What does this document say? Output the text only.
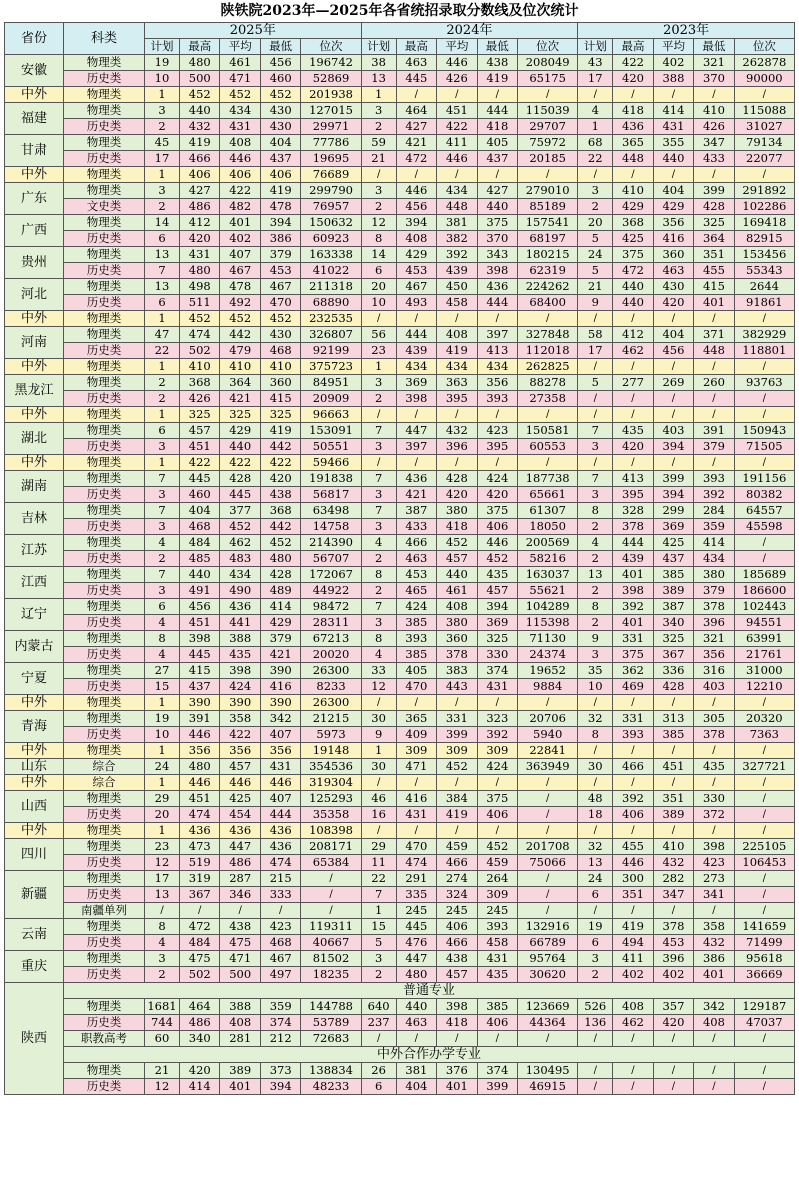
陕铁院2023年—2025年各省统招录取分数线及位次统计
省份	科类	2025年					2024年					2023年				
		计划	最高	平均	最低	位次	计划	最高	平均	最低	位次	计划	最高	平均	最低	位次
安徽	物理类	19	480	461	456	196742	38	463	446	438	208049	43	422	402	321	262878
	历史类	10	500	471	460	52869	13	445	426	419	65175	17	420	388	370	90000
中外	物理类	1	452	452	452	201938	1	/	/	/	/	/	/	/	/	/
福建	物理类	3	440	434	430	127015	3	464	451	444	115039	4	418	414	410	115088
	历史类	2	432	431	430	29971	2	427	422	418	29707	1	436	431	426	31027
甘肃	物理类	45	419	408	404	77786	59	421	411	405	75972	68	365	355	347	79134
	历史类	17	466	446	437	19695	21	472	446	437	20185	22	448	440	433	22077
中外	物理类	1	406	406	406	76689	/	/	/	/	/	/	/	/	/	/
广东	物理类	3	427	422	419	299790	3	446	434	427	279010	3	410	404	399	291892
	文史类	2	486	482	478	76957	2	456	448	440	85189	2	429	429	428	102286
广西	物理类	14	412	401	394	150632	12	394	381	375	157541	20	368	356	325	169418
	历史类	6	420	402	386	60923	8	408	382	370	68197	5	425	416	364	82915
贵州	物理类	13	431	407	379	163338	14	429	392	343	180215	24	375	360	351	153456
	历史类	7	480	467	453	41022	6	453	439	398	62319	5	472	463	455	55343
河北	物理类	13	498	478	467	211318	20	467	450	436	224262	21	440	430	415	2644
	历史类	6	511	492	470	68890	10	493	458	444	68400	9	440	420	401	91861
中外	物理类	1	452	452	452	232535	/	/	/	/	/	/	/	/	/	/
河南	物理类	47	474	442	430	326807	56	444	408	397	327848	58	412	404	371	382929
	历史类	22	502	479	468	92199	23	439	419	413	112018	17	462	456	448	118801
中外	物理类	1	410	410	410	375723	1	434	434	434	262825	/	/	/	/	/
黑龙江	物理类	2	368	364	360	84951	3	369	363	356	88278	5	277	269	260	93763
	历史类	2	426	421	415	20909	2	398	395	393	27358	/	/	/	/	/
中外	物理类	1	325	325	325	96663	/	/	/	/	/	/	/	/	/	/
湖北	物理类	6	457	429	419	153091	7	447	432	423	150581	7	435	403	391	150943
	历史类	3	451	440	442	50551	3	397	396	395	60553	3	420	394	379	71505
中外	物理类	1	422	422	422	59466	/	/	/	/	/	/	/	/	/	/
湖南	物理类	7	445	428	420	191838	7	436	428	424	187738	7	413	399	393	191156
	历史类	3	460	445	438	56817	3	421	420	420	65661	3	395	394	392	80382
吉林	物理类	7	404	377	368	63498	7	387	380	375	61307	8	328	299	284	64557
	历史类	3	468	452	442	14758	3	433	418	406	18050	2	378	369	359	45598
江苏	物理类	4	484	462	452	214390	4	466	452	446	200569	4	444	425	414	/
	历史类	2	485	483	480	56707	2	463	457	452	58216	2	439	437	434	/
江西	物理类	7	440	434	428	172067	8	453	440	435	163037	13	401	385	380	185689
	历史类	3	491	490	489	44922	2	465	461	457	55621	2	398	389	379	186600
辽宁	物理类	6	456	436	414	98472	7	424	408	394	104289	8	392	387	378	102443
	历史类	4	451	441	429	28311	3	385	380	369	115398	2	401	340	396	94551
内蒙古	物理类	8	398	388	379	67213	8	393	360	325	71130	9	331	325	321	63991
	历史类	4	445	435	421	20020	4	385	378	330	24374	3	375	367	356	21761
宁夏	物理类	27	415	398	390	26300	33	405	383	374	19652	35	362	336	316	31000
	历史类	15	437	424	416	8233	12	470	443	431	9884	10	469	428	403	12210
中外	物理类	1	390	390	390	26300	/	/	/	/	/	/	/	/	/	/
青海	物理类	19	391	358	342	21215	30	365	331	323	20706	32	331	313	305	20320
	历史类	10	446	422	407	5973	9	409	399	392	5940	8	393	385	378	7363
中外	物理类	1	356	356	356	19148	1	309	309	309	22841	/	/	/	/	/
山东	综合	24	480	457	431	354536	30	471	452	424	363949	30	466	451	435	327721
中外	综合	1	446	446	446	319304	/	/	/	/	/	/	/	/	/	/
山西	物理类	29	451	425	407	125293	46	416	384	375	/	48	392	351	330	/
	历史类	20	474	454	444	35358	16	431	419	406	/	18	406	389	372	/
中外	物理类	1	436	436	436	108398	/	/	/	/	/	/	/	/	/	/
四川	物理类	23	473	447	436	208171	29	470	459	452	201708	32	455	410	398	225105
	历史类	12	519	486	474	65384	11	474	466	459	75066	13	446	432	423	106453
新疆	物理类	17	319	287	215	/	22	291	274	264	/	24	300	282	273	/
	历史类	13	367	346	333	/	7	335	324	309	/	6	351	347	341	/
	南疆单列	/	/	/	/	/	1	245	245	245	/	/	/	/	/	/
云南	物理类	8	472	438	423	119311	15	445	406	393	132916	19	419	378	358	141659
	历史类	4	484	475	468	40667	5	476	466	458	66789	6	494	453	432	71499
重庆	物理类	3	475	471	467	81502	3	447	438	431	95764	3	411	396	386	95618
	历史类	2	502	500	497	18235	2	480	457	435	30620	2	402	402	401	36669
陕西	普通专业															
	物理类	1681	464	388	359	144788	640	440	398	385	123669	526	408	357	342	129187
	历史类	744	486	408	374	53789	237	463	418	406	44364	136	462	420	408	47037
	职教高考	60	340	281	212	72683	/	/	/	/	/	/	/	/	/	/
	中外合作办学专业															
	物理类	21	420	389	373	138834	26	381	376	374	130495	/	/	/	/	/
	历史类	12	414	401	394	48233	6	404	401	399	46915	/	/	/	/	/
